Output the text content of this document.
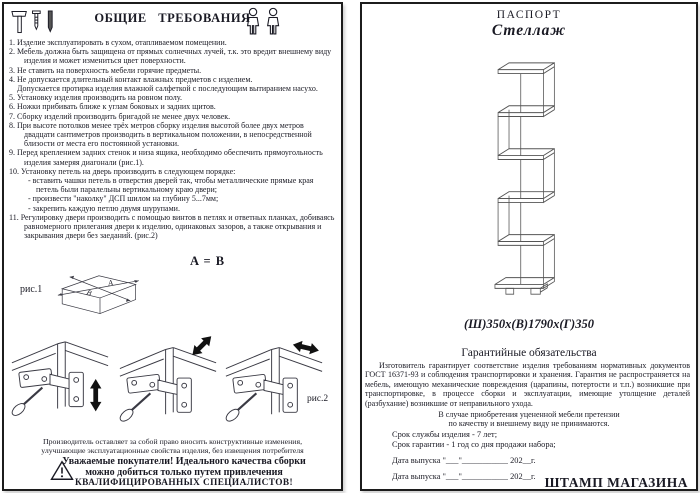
ОБЩИЕ ТРЕБОВАНИЯ
1. Изделие эксплуатировать в сухом, отапливаемом помещении.
2. Мебель должна быть защищена от прямых солнечных лучей, т.к. это вредит внешнему виду изделия и может измениться цвет поверхности.
3. Не ставить на поверхность мебели горячие предметы.
4. Не допускается длительный контакт влажных предметов с изделием.
Допускается протирка изделия влажной салфеткой с последующим вытиранием насухо.
5. Установку изделия производить на ровном полу.
6. Ножки прибивать ближе к углам боковых и задних щитов.
7. Сборку изделий производить бригадой не менее двух человек.
8. При высоте потолков менее трёх метров сборку изделия высотой более двух метров двадцати сантиметров производить в вертикальном положении, в непосредственной близости от места его постоянной установки.
9. Перед креплением задних стенок и низа ящика, необходимо обеспечить прямоугольность изделия замеряя диагонали (рис.1).
10. Установку петель на дверь производить в следующем порядке:
- вставить чашки петель в отверстия дверей так, чтобы металлические прямые края петель были паралельны вертикальному краю двери;
- произвести "наколку" ДСП шилом на глубину 5...7мм;
- закрепить каждую петлю двумя шурупами.
11. Регулировку двери производить с помощью винтов в петлях и ответных планках, добиваясь равномерного прилегания двери к изделию, одинаковых зазоров, а также открывания и закрывания двери без заеданий. (рис.2)
A
B
рис.1
A = B
рис.2
Производитель оставляет за собой право вносить конструктивные изменения,
улучшающие эксплуатационные свойства изделия, без извещения потребителя
Уважаемые покупатели! Идеального качества сборки
можно добиться только путем привлечения
КВАЛИФИЦИРОВАННЫХ СПЕЦИАЛИСТОВ!
ПАСПОРТ
Стеллаж
(Ш)350х(В)1790х(Г)350
Гарантийные обязательства
Изготовитель гарантирует соответствие изделия требованиям нормативных документов ГОСТ 16371-93 и соблюдения транспортировки и хранения. Гарантия не распространяется на мебель, имеющую механические повреждения (царапины, потертости и т.п.) возникшие при транспортировке, в процессе сборки и эксплуатации, имеющие утолщение деталей (разбухание) возникшие от неправильного ухода.
В случае приобретения уцененной мебели претензии
по качеству и внешнему виду не принимаются.
Срок службы изделия - 7 лет;
Срок гарантии - 1 год со дня продажи набора;
Дата выпуска "___"___________ 202__г.
Дата выпуска "___"___________ 202__г. ШТАМП МАГАЗИНА
